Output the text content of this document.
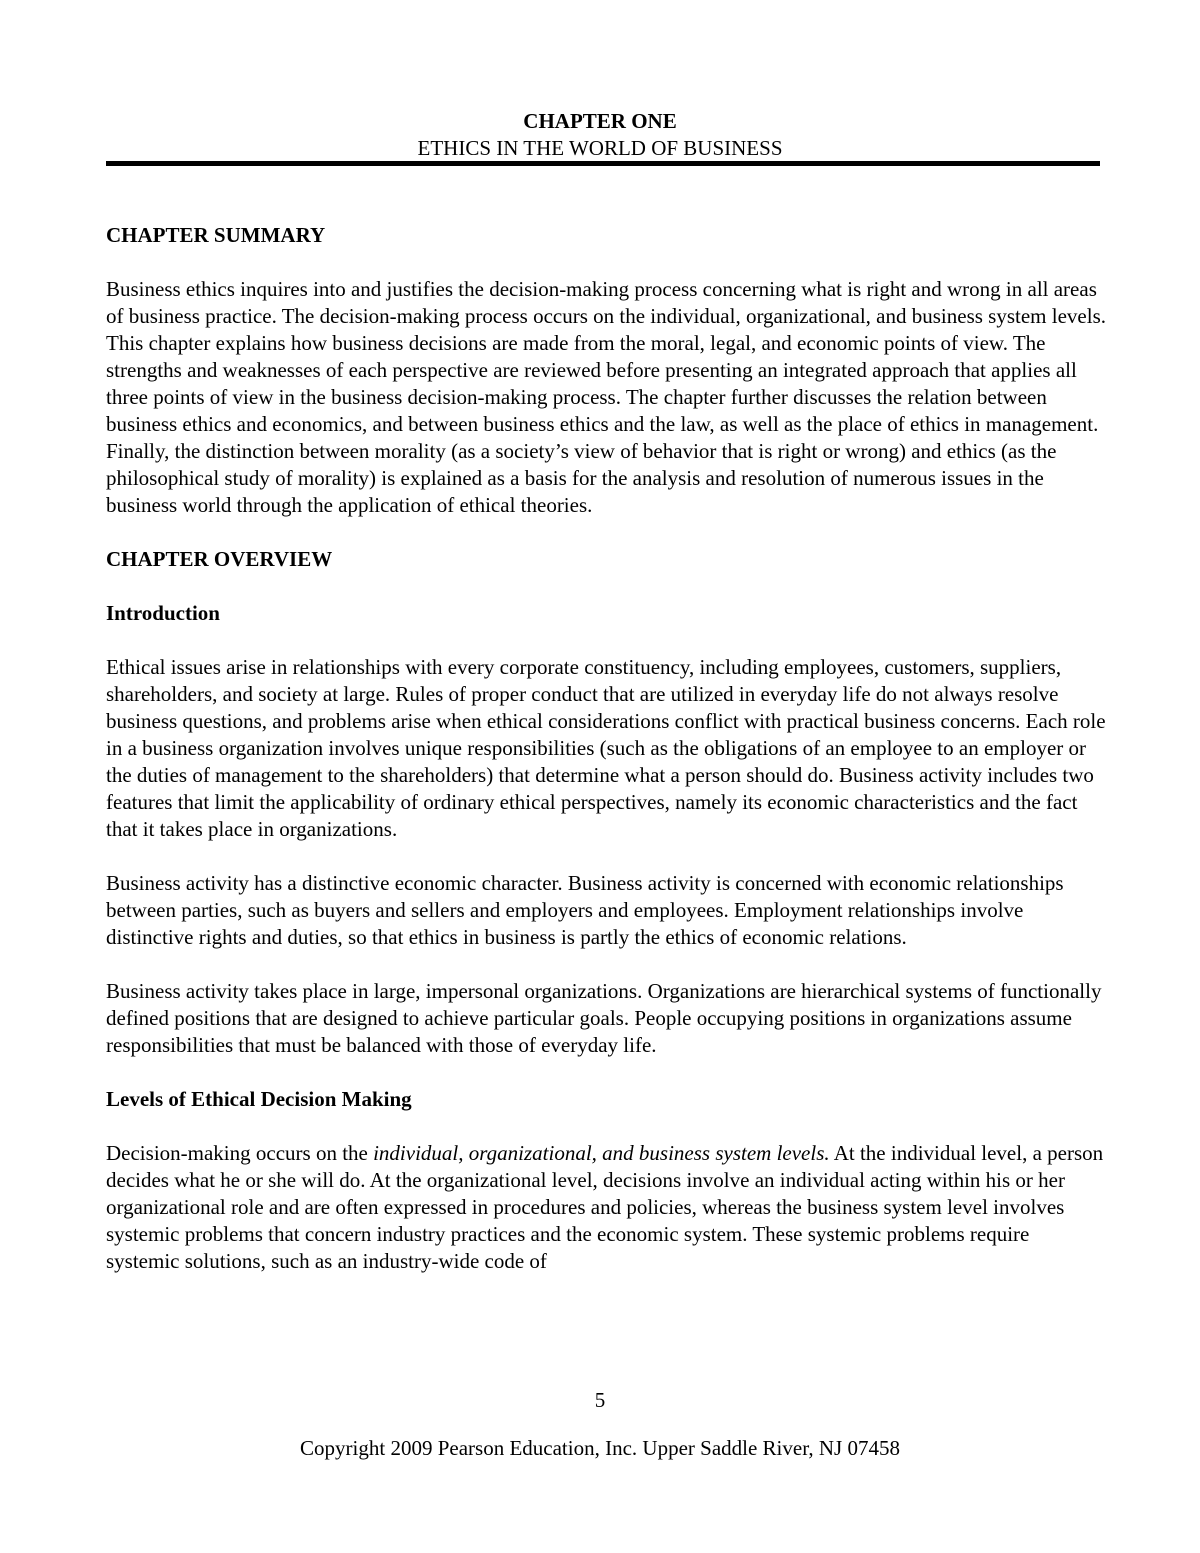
CHAPTER ONE
ETHICS IN THE WORLD OF BUSINESS
CHAPTER SUMMARY

Business ethics inquires into and justifies the decision-making process concerning what is right and wrong in all areas of business practice. The decision-making process occurs on the individual, organizational, and business system levels. This chapter explains how business decisions are made from the moral, legal, and economic points of view. The strengths and weaknesses of each perspective are reviewed before presenting an integrated approach that applies all three points of view in the business decision-making process. The chapter further discusses the relation between business ethics and economics, and between business ethics and the law, as well as the place of ethics in management. Finally, the distinction between morality (as a society’s view of behavior that is right or wrong) and ethics (as the philosophical study of morality) is explained as a basis for the analysis and resolution of numerous issues in the business world through the application of ethical theories.

CHAPTER OVERVIEW
Introduction

Ethical issues arise in relationships with every corporate constituency, including employees, customers, suppliers, shareholders, and society at large. Rules of proper conduct that are utilized in everyday life do not always resolve business questions, and problems arise when ethical considerations conflict with practical business concerns. Each role in a business organization involves unique responsibilities (such as the obligations of an employee to an employer or the duties of management to the shareholders) that determine what a person should do. Business activity includes two features that limit the applicability of ordinary ethical perspectives, namely its economic characteristics and the fact that it takes place in organizations.

Business activity has a distinctive economic character. Business activity is concerned with economic relationships between parties, such as buyers and sellers and employers and employees. Employment relationships involve distinctive rights and duties, so that ethics in business is partly the ethics of economic relations.

Business activity takes place in large, impersonal organizations. Organizations are hierarchical systems of functionally defined positions that are designed to achieve particular goals. People occupying positions in organizations assume responsibilities that must be balanced with those of everyday life.

Levels of Ethical Decision Making

Decision-making occurs on the individual, organizational, and business system levels. At the individual level, a person decides what he or she will do. At the organizational level, decisions involve an individual acting within his or her organizational role and are often expressed in procedures and policies, whereas the business system level involves systemic problems that concern industry practices and the economic system. These systemic problems require systemic solutions, such as an industry-wide code of

5
Copyright 2009 Pearson Education, Inc. Upper Saddle River, NJ 07458
